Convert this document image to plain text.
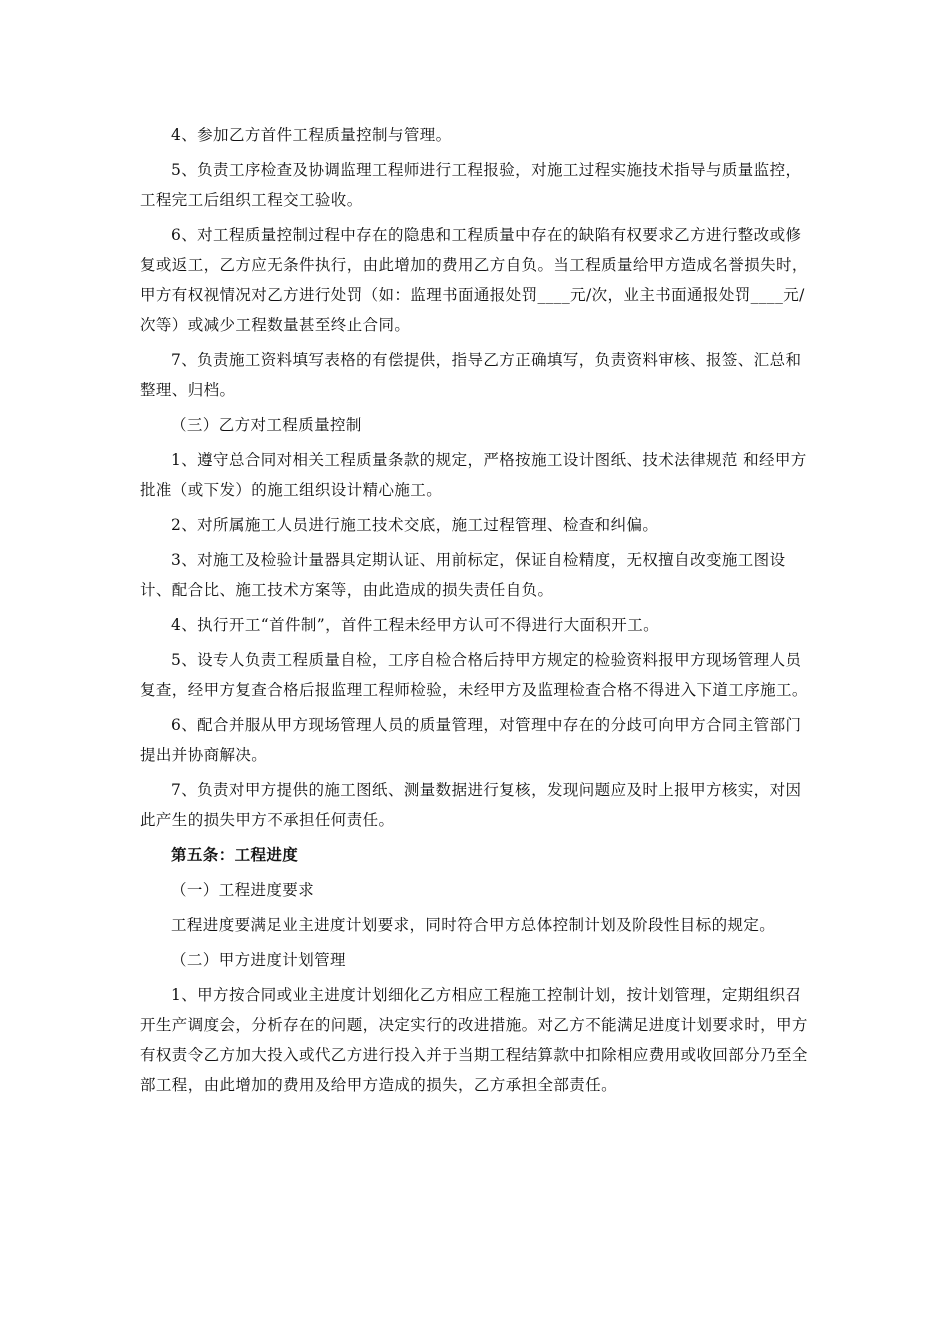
4、参加乙方首件工程质量控制与管理。

5、负责工序检查及协调监理工程师进行工程报验，对施工过程实施技术指导与质量监控，工程完工后组织工程交工验收。

6、对工程质量控制过程中存在的隐患和工程质量中存在的缺陷有权要求乙方进行整改或修复或返工，乙方应无条件执行，由此增加的费用乙方自负。当工程质量给甲方造成名誉损失时，甲方有权视情况对乙方进行处罚（如：监理书面通报处罚____元/次，业主书面通报处罚____元/次等）或减少工程数量甚至终止合同。

7、负责施工资料填写表格的有偿提供，指导乙方正确填写，负责资料审核、报签、汇总和整理、归档。

（三）乙方对工程质量控制

1、遵守总合同对相关工程质量条款的规定，严格按施工设计图纸、技术法律规范 和经甲方批准（或下发）的施工组织设计精心施工。

2、对所属施工人员进行施工技术交底，施工过程管理、检查和纠偏。

3、对施工及检验计量器具定期认证、用前标定，保证自检精度，无权擅自改变施工图设计、配合比、施工技术方案等，由此造成的损失责任自负。

4、执行开工“首件制”，首件工程未经甲方认可不得进行大面积开工。

5、设专人负责工程质量自检，工序自检合格后持甲方规定的检验资料报甲方现场管理人员复查，经甲方复查合格后报监理工程师检验，未经甲方及监理检查合格不得进入下道工序施工。

6、配合并服从甲方现场管理人员的质量管理，对管理中存在的分歧可向甲方合同主管部门提出并协商解决。

7、负责对甲方提供的施工图纸、测量数据进行复核，发现问题应及时上报甲方核实，对因此产生的损失甲方不承担任何责任。

第五条：工程进度

（一）工程进度要求

工程进度要满足业主进度计划要求，同时符合甲方总体控制计划及阶段性目标的规定。

（二）甲方进度计划管理

1、甲方按合同或业主进度计划细化乙方相应工程施工控制计划，按计划管理，定期组织召开生产调度会，分析存在的问题，决定实行的改进措施。对乙方不能满足进度计划要求时，甲方有权责令乙方加大投入或代乙方进行投入并于当期工程结算款中扣除相应费用或收回部分乃至全部工程，由此增加的费用及给甲方造成的损失，乙方承担全部责任。
